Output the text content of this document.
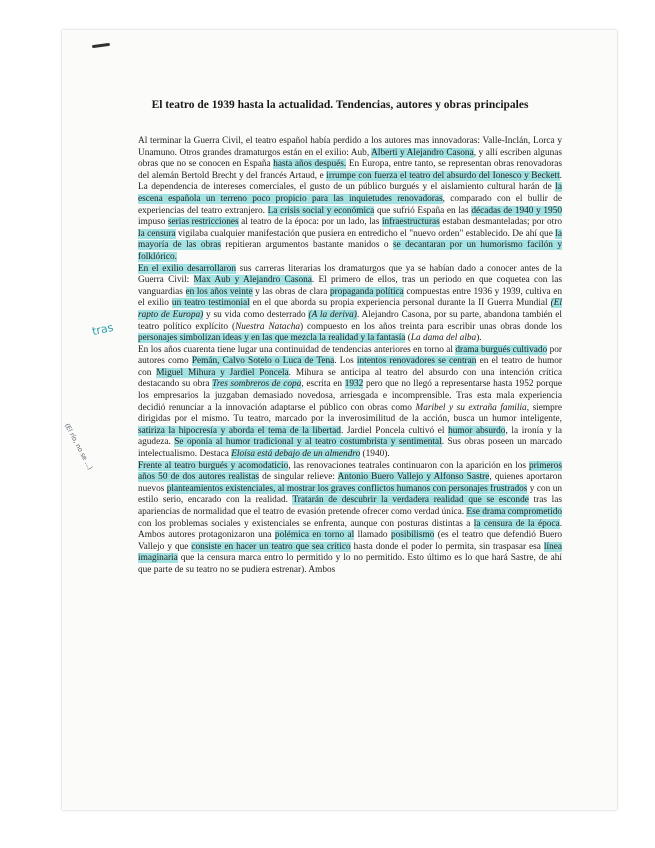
El teatro de 1939 hasta la actualidad. Tendencias, autores y obras principales

Al terminar la Guerra Civil, el teatro español había perdido a los autores mas innovadoras: Valle-Inclán, Lorca y Unamuno. Otros grandes dramaturgos están en el exilio: Aub, Alberti y Alejandro Casona, y allí escriben algunas obras que no se conocen en España hasta años después. En Europa, entre tanto, se representan obras renovadoras del alemán Bertold Brecht y del francés Artaud, e irrumpe con fuerza el teatro del absurdo del Ionesco y Beckett. La dependencia de intereses comerciales, el gusto de un público burgués y el aislamiento cultural harán de la escena española un terreno poco propicio para las inquietudes renovadoras, comparado con el bullir de experiencias del teatro extranjero. La crisis social y económica que sufrió España en las décadas de 1940 y 1950 impuso serias restricciones al teatro de la época: por un lado, las infraestructuras estaban desmanteladas; por otro la censura vigilaba cualquier manifestación que pusiera en entredicho el "nuevo orden" establecido. De ahí que la mayoría de las obras repitieran argumentos bastante manidos o se decantaran por un humorismo facilón y folklórico.

En el exilio desarrollaron sus carreras literarias los dramaturgos que ya se habían dado a conocer antes de la Guerra Civil: Max Aub y Alejandro Casona. El primero de ellos, tras un periodo en que coqueteа con las vanguardias en los años veinte y las obras de clara propaganda política compuestas entre 1936 y 1939, cultiva en el exilio un teatro testimonial en el que aborda su propia experiencia personal durante la II Guerra Mundial (El rapto de Europa) y su vida como desterrado (A la deriva). Alejandro Casona, por su parte, abandona también el teatro político explícito (Nuestra Natacha) compuesto en los años treinta para escribir unas obras donde los personajes simbolizan ideas y en las que mezcla la realidad y la fantasía (La dama del alba).

En los años cuarenta tiene lugar una continuidad de tendencias anteriores en torno al drama burgués cultivado por autores como Pemán, Calvo Sotelo o Luca de Tena. Los intentos renovadores se centran en el teatro de humor con Miguel Mihura y Jardiel Poncela. Mihura se anticipa al teatro del absurdo con una intención crítica destacando su obra Tres sombreros de copa, escrita en 1932 pero que no llegó a representarse hasta 1952 porque los empresarios la juzgaban demasiado novedosa, arriesgada e incomprensible. Tras esta mala experiencia decidió renunciar a la innovación adaptarse el público con obras como Maribel y su extraña familia, siempre dirigidas por el mismo. Tu teatro, marcado por la inverosimilitud de la acción, busca un humor inteligente, satiriza la hipocresía y aborda el tema de la libertad. Jardiel Poncela cultivó el humor absurdo, la ironía y la agudeza. Se oponía al humor tradicional y al teatro costumbrista y sentimental. Sus obras poseen un marcado intelectualismo. Destaca Eloísa está debajo de un almendro (1940).

Frente al teatro burgués y acomodaticio, las renovaciones teatrales continuaron con la aparición en los primeros años 50 de dos autores realistas de singular relieve: Antonio Buero Vallejo y Alfonso Sastre, quienes aportaron nuevos planteamientos existenciales, al mostrar los graves conflictos humanos con personajes frustrados y con un estilo serio, encarado con la realidad. Tratarán de descubrir la verdadera realidad que se esconde tras las apariencias de normalidad que el teatro de evasión pretende ofrecer como verdad única. Ese drama comprometido con los problemas sociales y existenciales se enfrenta, aunque con posturas distintas a la censura de la época. Ambos autores protagonizaron una polémica en torno al llamado posibilismo (es el teatro que defendió Buero Vallejo y que consiste en hacer un teatro que sea crítico hasta donde el poder lo permita, sin traspasar esa línea imaginaria que la censura marca entro lo permitido y lo no permitido. Esto último es lo que hará Sastre, de ahí que parte de su teatro no se pudiera estrenar). Ambos

tras
(El río, no se ...)
